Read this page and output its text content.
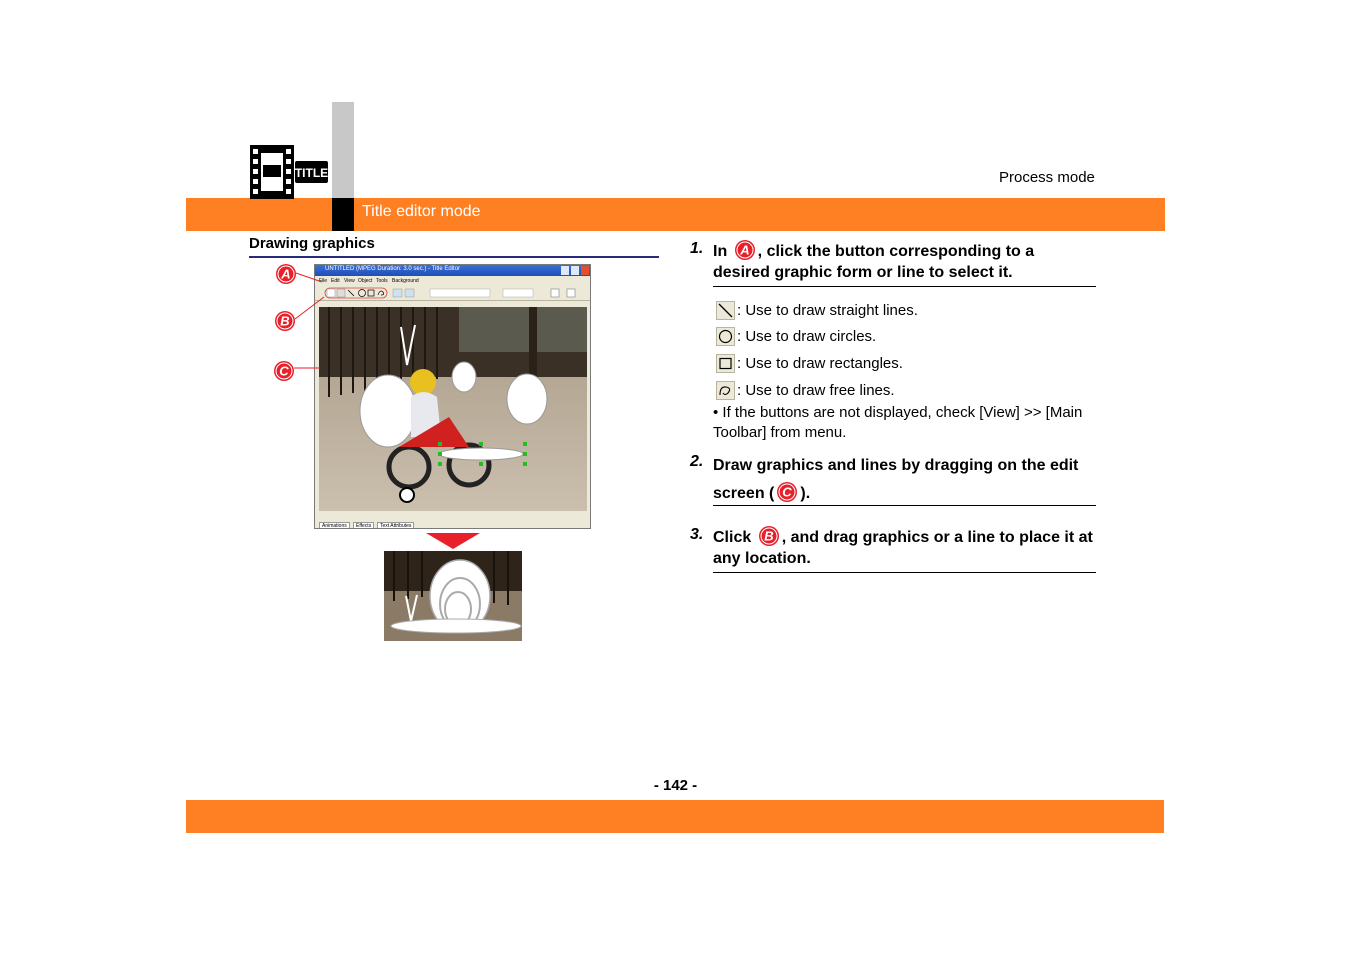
Title editor mode
Process mode
TITLE
Drawing graphics
UNTITLED (MPEG Duration: 3.0 sec.) - Title Editor
File Edit View Object Tools Background
Animations	Effects	Text Attributes
A
B
C
1. In A , click the button corresponding to a desired graphic form or line to select it.
: Use to draw straight lines.
: Use to draw circles.
: Use to draw rectangles.
: Use to draw free lines.
• If the buttons are not displayed, check [View] >> [Main Toolbar] from menu.
2. Draw graphics and lines by dragging on the edit screen ( C ).
3. Click B , and drag graphics or a line to place it at any location.
- 142 -
